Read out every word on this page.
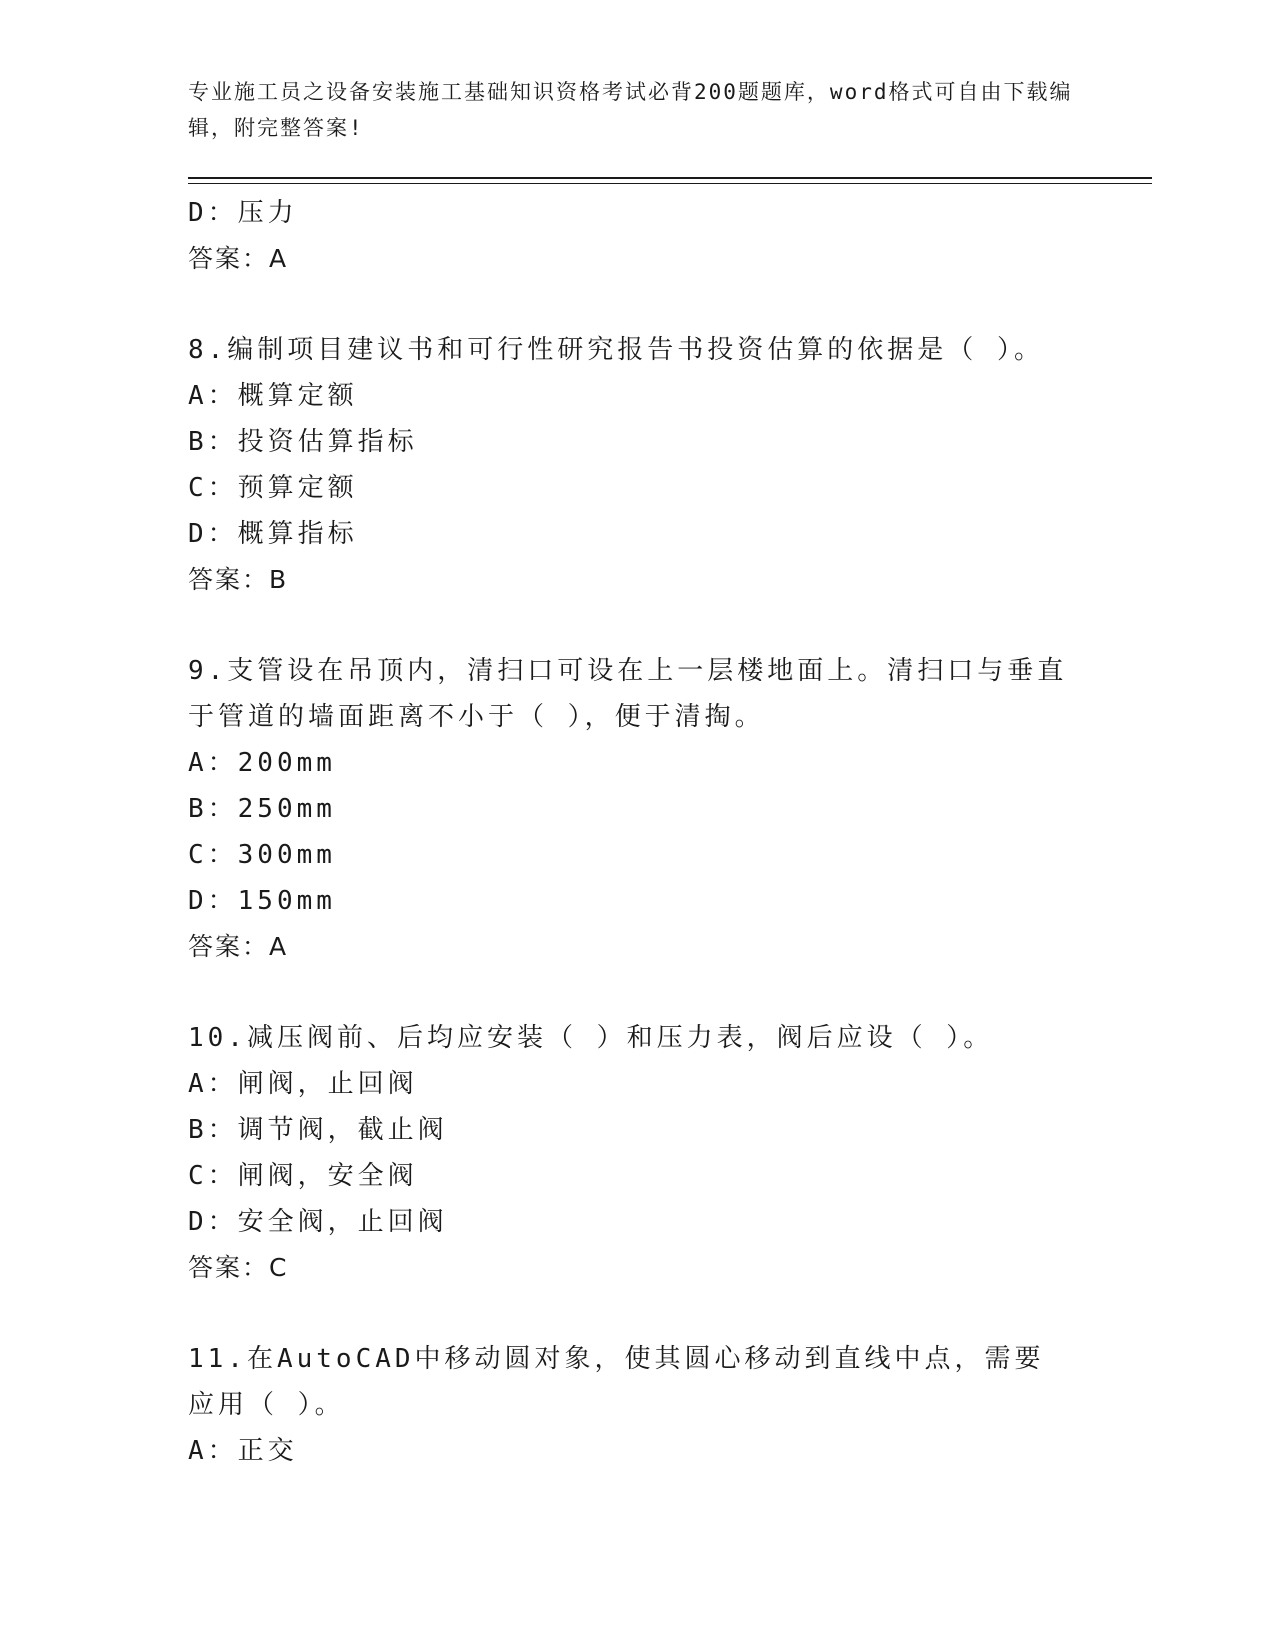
专业施工员之设备安装施工基础知识资格考试必背200题题库，word格式可自由下载编辑，附完整答案!
D：压力
答案：A
8.编制项目建议书和可行性研究报告书投资估算的依据是（ ）。
A：概算定额
B：投资估算指标
C：预算定额
D：概算指标
答案：B
9.支管设在吊顶内，清扫口可设在上一层楼地面上。清扫口与垂直于管道的墙面距离不小于（ ），便于清掏。
A：200mm
B：250mm
C：300mm
D：150mm
答案：A
10.减压阀前、后均应安装（ ）和压力表，阀后应设（ ）。
A：闸阀，止回阀
B：调节阀，截止阀
C：闸阀，安全阀
D：安全阀，止回阀
答案：C
11.在AutoCAD中移动圆对象，使其圆心移动到直线中点，需要应用（ ）。
A：正交
